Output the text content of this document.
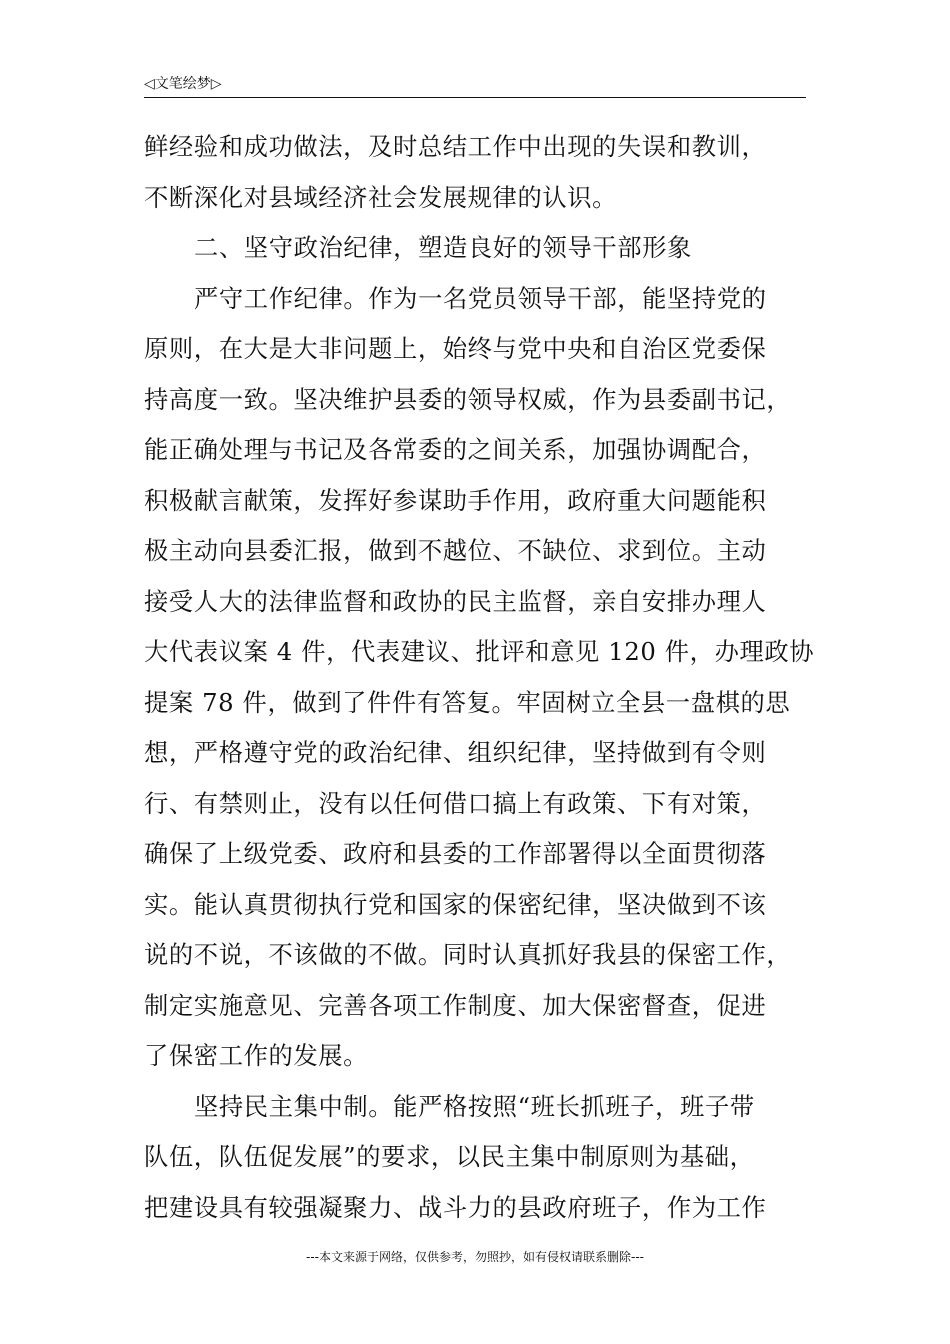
◁文笔绘梦▷
鲜经验和成功做法，及时总结工作中出现的失误和教训，
不断深化对县域经济社会发展规律的认识。
二、坚守政治纪律，塑造良好的领导干部形象
严守工作纪律。作为一名党员领导干部，能坚持党的
原则，在大是大非问题上，始终与党中央和自治区党委保
持高度一致。坚决维护县委的领导权威，作为县委副书记，
能正确处理与书记及各常委的之间关系，加强协调配合，
积极献言献策，发挥好参谋助手作用，政府重大问题能积
极主动向县委汇报，做到不越位、不缺位、求到位。主动
接受人大的法律监督和政协的民主监督，亲自安排办理人
大代表议案 4 件，代表建议、批评和意见 120 件，办理政协
提案 78 件，做到了件件有答复。牢固树立全县一盘棋的思
想，严格遵守党的政治纪律、组织纪律，坚持做到有令则
行、有禁则止，没有以任何借口搞上有政策、下有对策，
确保了上级党委、政府和县委的工作部署得以全面贯彻落
实。能认真贯彻执行党和国家的保密纪律，坚决做到不该
说的不说，不该做的不做。同时认真抓好我县的保密工作，
制定实施意见、完善各项工作制度、加大保密督查，促进
了保密工作的发展。
坚持民主集中制。能严格按照“班长抓班子，班子带
队伍，队伍促发展”的要求，以民主集中制原则为基础，
把建设具有较强凝聚力、战斗力的县政府班子，作为工作
---本文来源于网络，仅供参考，勿照抄，如有侵权请联系删除---
